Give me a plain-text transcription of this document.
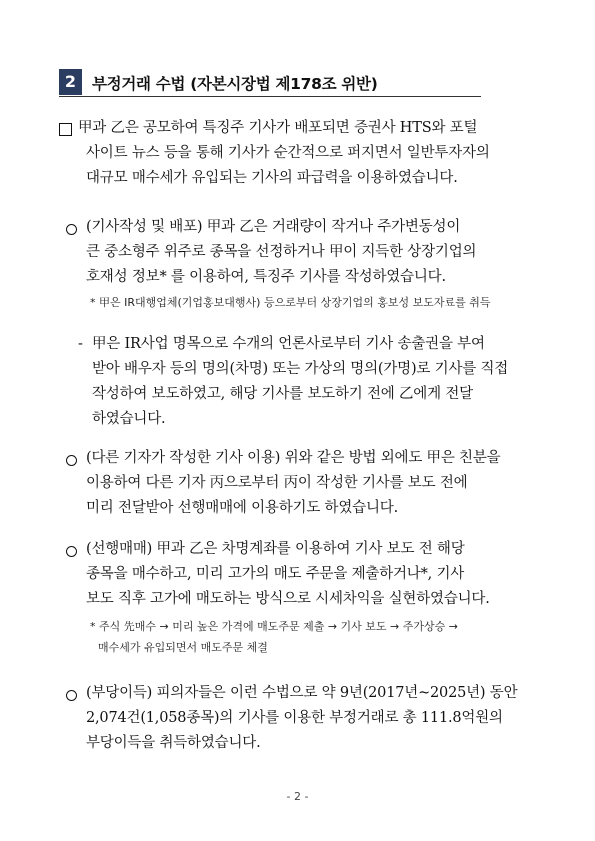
2	부정거래 수법 (자본시장법 제178조 위반)
甲과 乙은 공모하여 특징주 기사가 배포되면 증권사 HTS와 포털
사이트 뉴스 등을 통해 기사가 순간적으로 퍼지면서 일반투자자의
대규모 매수세가 유입되는 기사의 파급력을 이용하였습니다.
(기사작성 및 배포) 甲과 乙은 거래량이 작거나 주가변동성이
큰 중소형주 위주로 종목을 선정하거나 甲이 지득한 상장기업의
호재성 정보* 를 이용하여, 특징주 기사를 작성하였습니다.
* 甲은 IR대행업체(기업홍보대행사) 등으로부터 상장기업의 홍보성 보도자료를 취득
- 甲은 IR사업 명목으로 수개의 언론사로부터 기사 송출권을 부여
받아 배우자 등의 명의(차명) 또는 가상의 명의(가명)로 기사를 직접
작성하여 보도하였고, 해당 기사를 보도하기 전에 乙에게 전달
하였습니다.
(다른 기자가 작성한 기사 이용) 위와 같은 방법 외에도 甲은 친분을
이용하여 다른 기자 丙으로부터 丙이 작성한 기사를 보도 전에
미리 전달받아 선행매매에 이용하기도 하였습니다.
(선행매매) 甲과 乙은 차명계좌를 이용하여 기사 보도 전 해당
종목을 매수하고, 미리 고가의 매도 주문을 제출하거나*, 기사
보도 직후 고가에 매도하는 방식으로 시세차익을 실현하였습니다.
* 주식 先매수 → 미리 높은 가격에 매도주문 제출 → 기사 보도 → 주가상승 →
매수세가 유입되면서 매도주문 체결
(부당이득) 피의자들은 이런 수법으로 약 9년(2017년~2025년) 동안
2,074건(1,058종목)의 기사를 이용한 부정거래로 총 111.8억원의
부당이득을 취득하였습니다.
- 2 -
